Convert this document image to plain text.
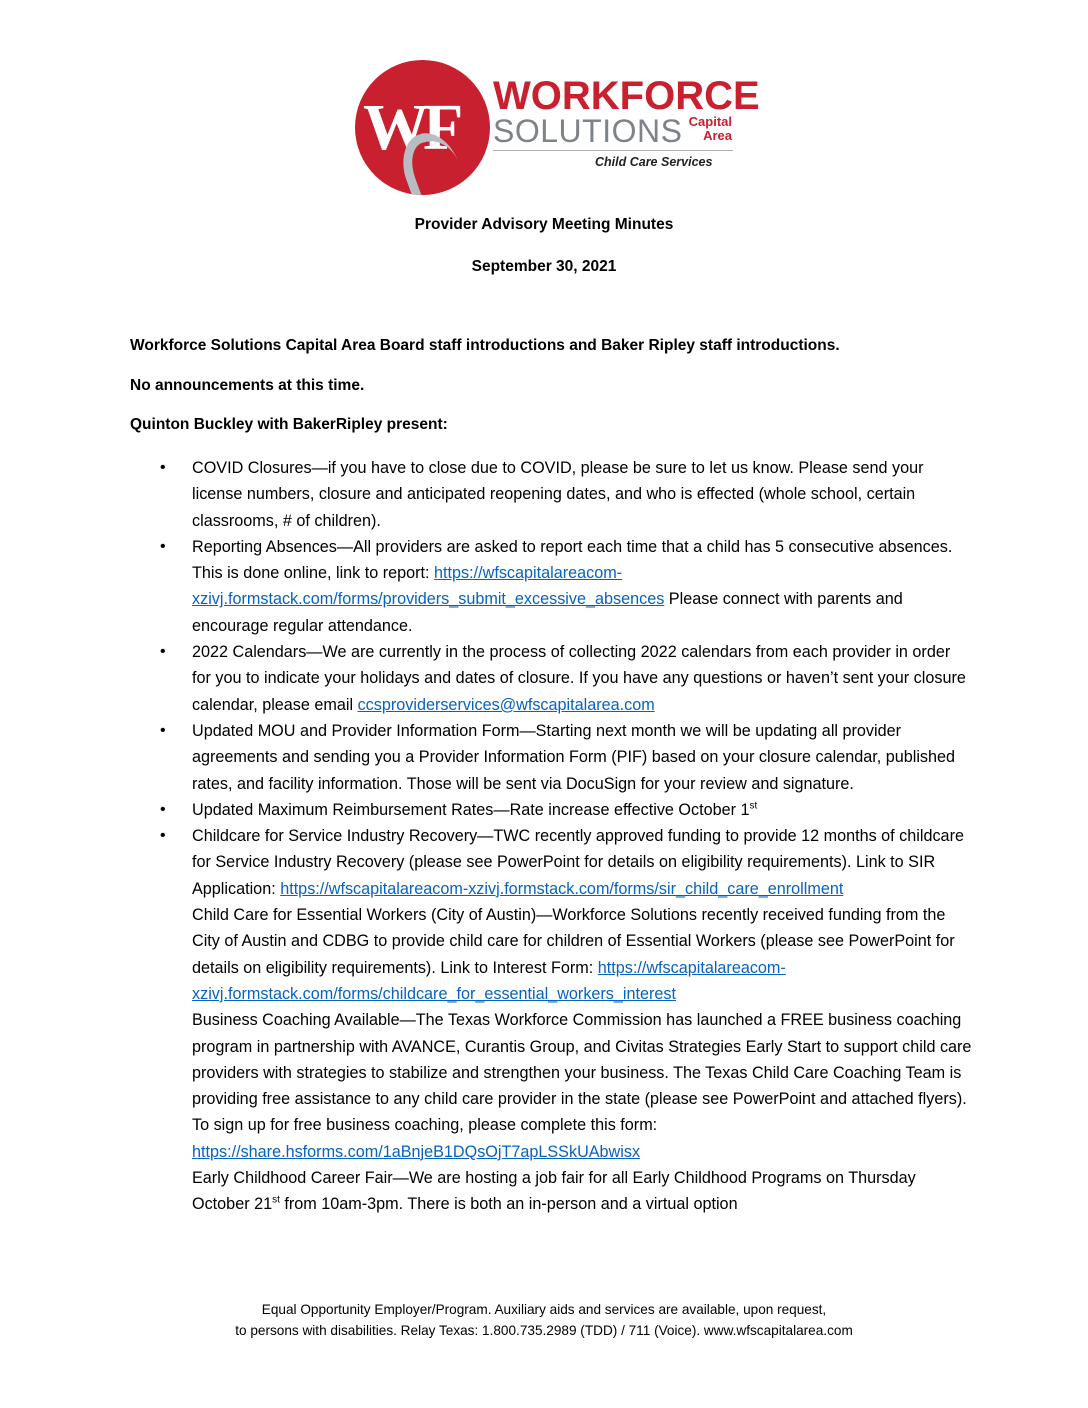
WF WORKFORCE
SOLUTIONS Capital
Area
Child Care Services
Provider Advisory Meeting Minutes
September 30, 2021
Workforce Solutions Capital Area Board staff introductions and Baker Ripley staff introductions.
No announcements at this time.
Quinton Buckley with BakerRipley present:
• COVID Closures—if you have to close due to COVID, please be sure to let us know. Please send your license numbers, closure and anticipated reopening dates, and who is effected (whole school, certain classrooms, # of children).
• Reporting Absences—All providers are asked to report each time that a child has 5 consecutive absences. This is done online, link to report: https://wfscapitalareacom-xzivj.formstack.com/forms/providers_submit_excessive_absences Please connect with parents and encourage regular attendance.
• 2022 Calendars—We are currently in the process of collecting 2022 calendars from each provider in order for you to indicate your holidays and dates of closure. If you have any questions or haven’t sent your closure calendar, please email ccsproviderservices@wfscapitalarea.com
• Updated MOU and Provider Information Form—Starting next month we will be updating all provider agreements and sending you a Provider Information Form (PIF) based on your closure calendar, published rates, and facility information. Those will be sent via DocuSign for your review and signature.
• Updated Maximum Reimbursement Rates—Rate increase effective October 1st
• Childcare for Service Industry Recovery—TWC recently approved funding to provide 12 months of childcare for Service Industry Recovery (please see PowerPoint for details on eligibility requirements). Link to SIR Application: https://wfscapitalareacom-xzivj.formstack.com/forms/sir_child_care_enrollment
Child Care for Essential Workers (City of Austin)—Workforce Solutions recently received funding from the City of Austin and CDBG to provide child care for children of Essential Workers (please see PowerPoint for details on eligibility requirements). Link to Interest Form: https://wfscapitalareacom-xzivj.formstack.com/forms/childcare_for_essential_workers_interest
Business Coaching Available—The Texas Workforce Commission has launched a FREE business coaching program in partnership with AVANCE, Curantis Group, and Civitas Strategies Early Start to support child care providers with strategies to stabilize and strengthen your business. The Texas Child Care Coaching Team is providing free assistance to any child care provider in the state (please see PowerPoint and attached flyers). To sign up for free business coaching, please complete this form: https://share.hsforms.com/1aBnjeB1DQsOjT7apLSSkUAbwisx
Early Childhood Career Fair—We are hosting a job fair for all Early Childhood Programs on Thursday October 21st from 10am-3pm. There is both an in-person and a virtual option
Equal Opportunity Employer/Program. Auxiliary aids and services are available, upon request,
to persons with disabilities. Relay Texas: 1.800.735.2989 (TDD) / 711 (Voice). www.wfscapitalarea.com
